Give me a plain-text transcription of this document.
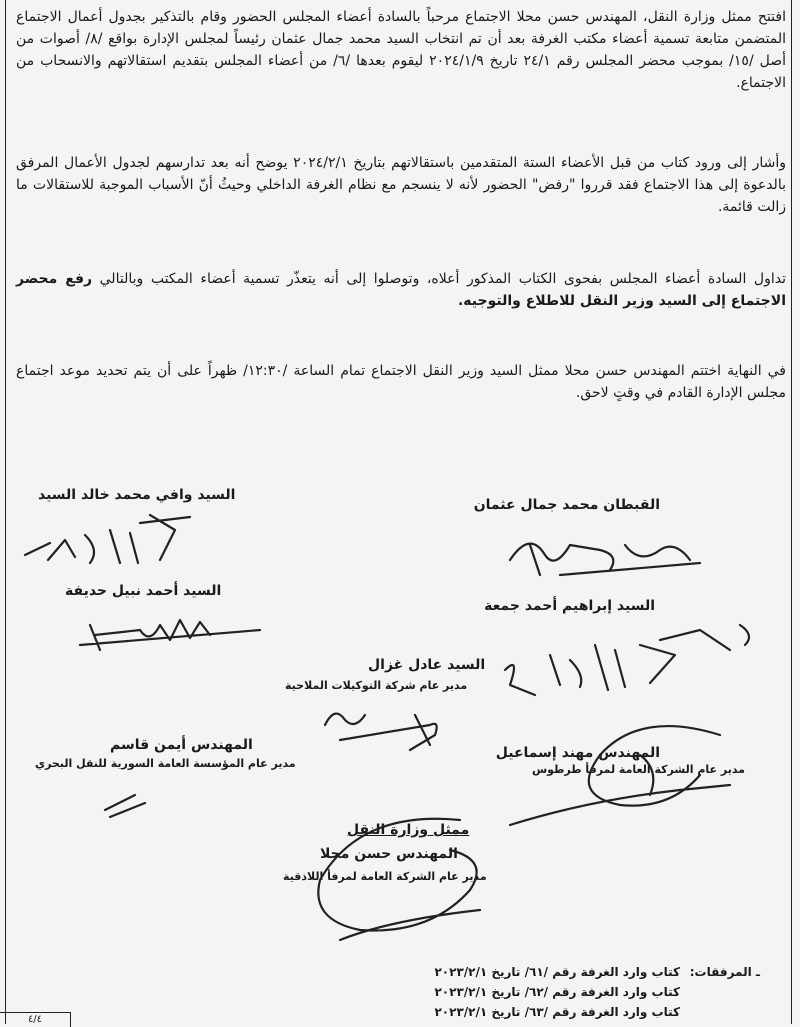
افتتح ممثل وزارة النقل، المهندس حسن محلا الاجتماع مرحباً بالسادة أعضاء المجلس الحضور وقام بالتذكير بجدول أعمال الاجتماع المتضمن متابعة تسمية أعضاء مكتب الغرفة بعد أن تم انتخاب السيد محمد جمال عثمان رئيساً لمجلس الإدارة بواقع /٨/ أصوات من أصل /١٥/ بموجب محضر المجلس رقم ٢٤/١ تاريخ ٢٠٢٤/١/٩ ليقوم بعدها /٦/ من أعضاء المجلس بتقديم استقالاتهم والانسحاب من الاجتماع.

وأشار إلى ورود كتاب من قبل الأعضاء الستة المتقدمين باستقالاتهم بتاريخ ٢٠٢٤/٢/١ يوضح أنه بعد تدارسهم لجدول الأعمال المرفق بالدعوة إلى هذا الاجتماع فقد قرروا "رفض" الحضور لأنه لا ينسجم مع نظام الغرفة الداخلي وحيثُ أنّ الأسباب الموجبة للاستقالات ما زالت قائمة.

تداول السادة أعضاء المجلس بفحوى الكتاب المذكور أعلاه، وتوصلوا إلى أنه يتعذّر تسمية أعضاء المكتب وبالتالي رفع محضر الاجتماع إلى السيد وزير النقل للاطلاع والتوجيه.

في النهاية اختتم المهندس حسن محلا ممثل السيد وزير النقل الاجتماع تمام الساعة /١٢:٣٠/ ظهراً على أن يتم تحديد موعد اجتماع مجلس الإدارة القادم في وقتٍ لاحق.

السيد وافي محمد خالد السيد
القبطان محمد جمال عثمان
السيد أحمد نبيل حديفة
السيد إبراهيم أحمد جمعة
السيد عادل غزال
مدير عام شركة التوكيلات الملاحية
المهندس أيمن قاسم
مدير عام المؤسسة العامة السورية للنقل البحري
المهندس مهند إسماعيل
مدير عام الشركة العامة لمرفأ طرطوس
ممثل وزارة النقل
المهندس حسن محلا
مدير عام الشركة العامة لمرفأ اللاذقية
ـ المرفقات:
كتاب وارد الغرفة رقم /٦١/ تاريخ ٢٠٢٣/٢/١
كتاب وارد الغرفة رقم /٦٢/ تاريخ ٢٠٢٣/٢/١
كتاب وارد الغرفة رقم /٦٣/ تاريخ ٢٠٢٣/٢/١
٤/٤
